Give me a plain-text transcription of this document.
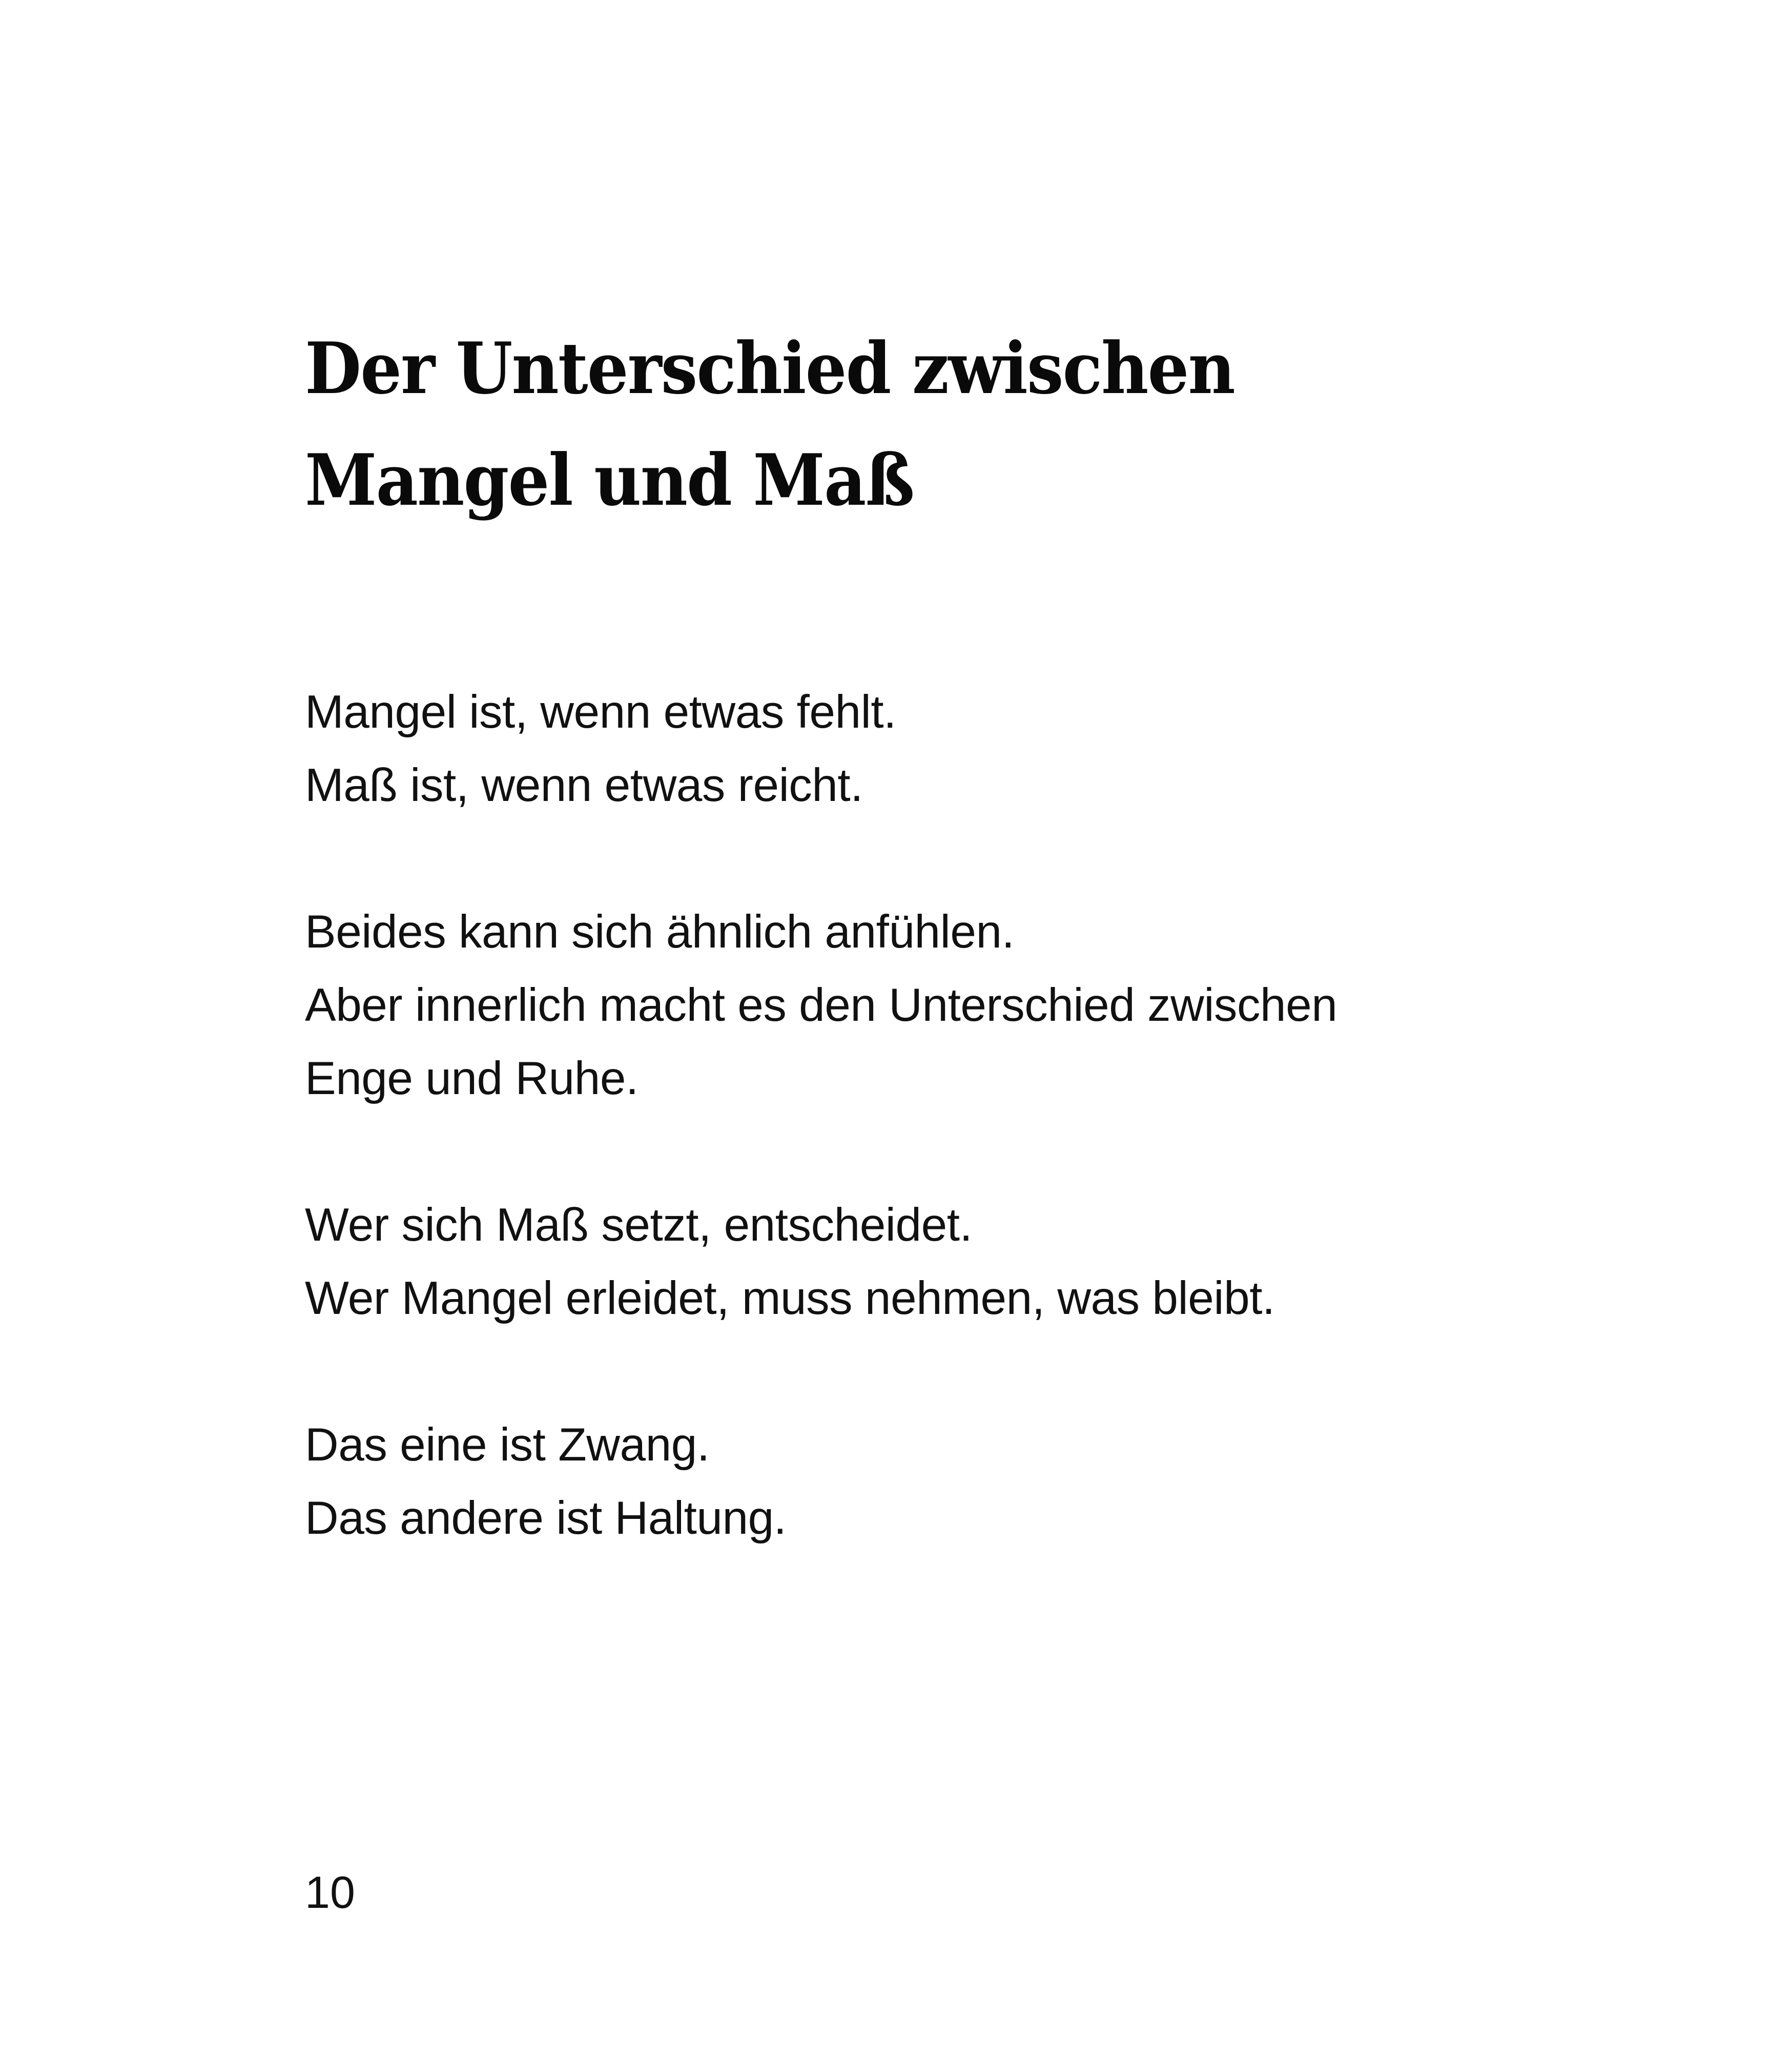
Der Unterschied zwischen
Mangel und Maß

Mangel ist, wenn etwas fehlt.
Maß ist, wenn etwas reicht.

Beides kann sich ähnlich anfühlen.
Aber innerlich macht es den Unterschied zwischen
Enge und Ruhe.

Wer sich Maß setzt, entscheidet.
Wer Mangel erleidet, muss nehmen, was bleibt.

Das eine ist Zwang.
Das andere ist Haltung.

10
